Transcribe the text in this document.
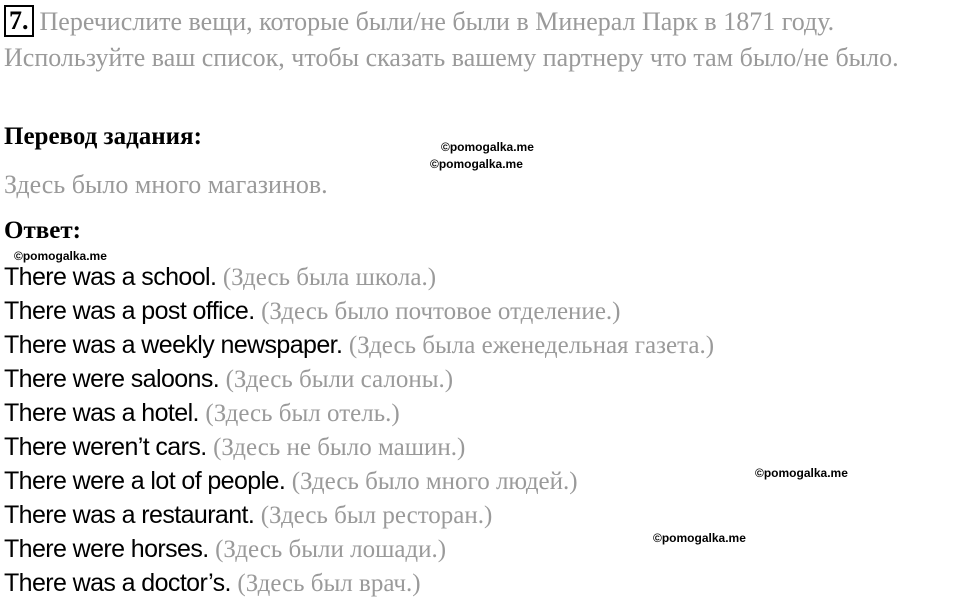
7. Перечислите вещи, которые были/не были в Минерал Парк в 1871 году. Используйте ваш список, чтобы сказать вашему партнеру что там было/не было.
Перевод задания:	©pomogalka.me
©pomogalka.me
Здесь было много магазинов.
Ответ:
©pomogalka.me
There was a school. (Здесь была школа.)
There was a post office. (Здесь было почтовое отделение.)
There was a weekly newspaper. (Здесь была еженедельная газета.)
There were saloons. (Здесь были салоны.)
There was a hotel. (Здесь был отель.)
There weren’t cars. (Здесь не было машин.)
There were a lot of people. (Здесь было много людей.)
There was a restaurant. (Здесь был ресторан.)
There were horses. (Здесь были лошади.)
There was a doctor’s. (Здесь был врач.)
©pomogalka.me
©pomogalka.me
